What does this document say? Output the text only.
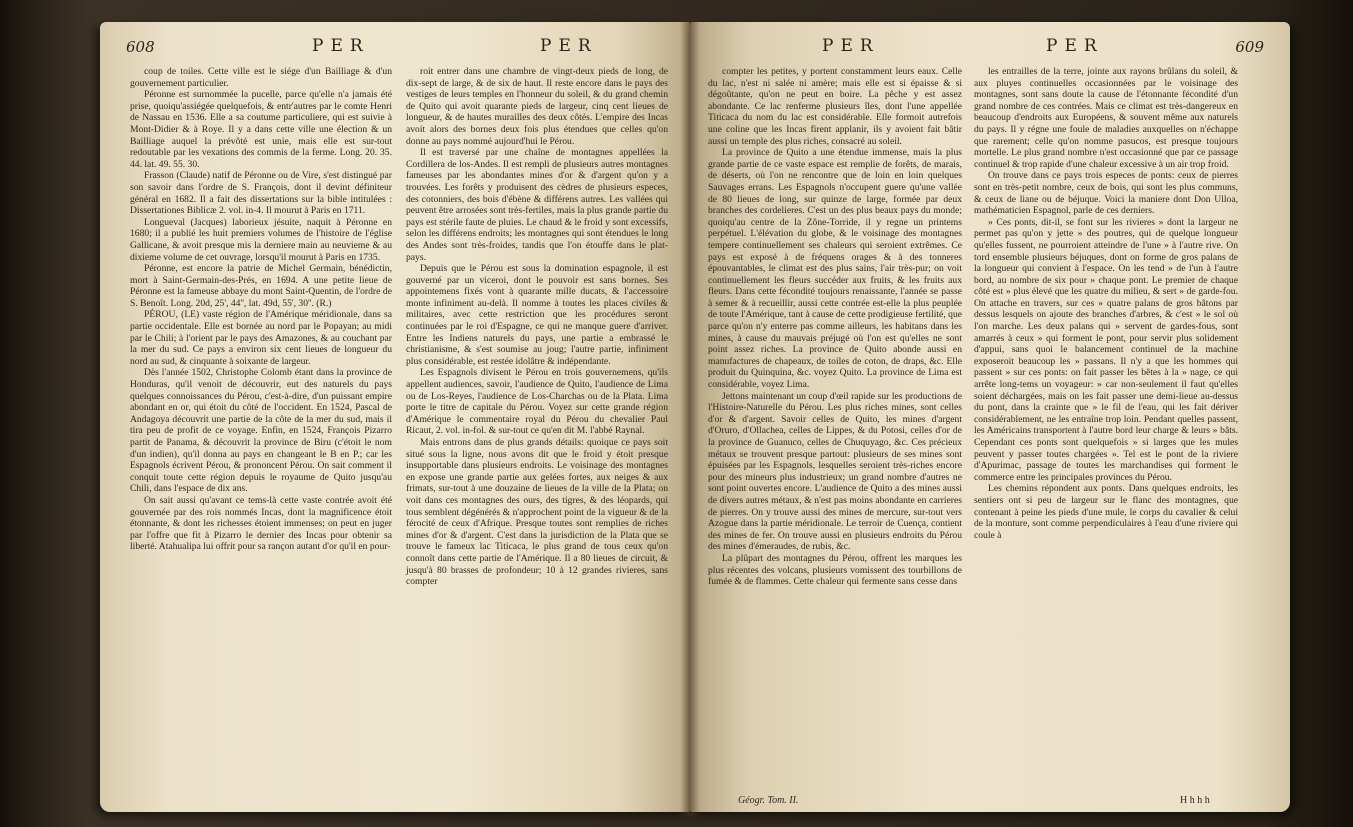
608	PER	PER

coup de toiles. Cette ville est le siége d'un Bailliage & d'un gouvernement particulier.

Péronne est surnommée la pucelle, parce qu'elle n'a jamais été prise, quoiqu'assiégée quelquefois, & entr'autres par le comte Henri de Nassau en 1536. Elle a sa coutume particuliere, qui est suivie à Mont-Didier & à Roye. Il y a dans cette ville une élection & un Bailliage auquel la prévôté est unie, mais elle est sur-tout redoutable par les vexations des commis de la ferme. Long. 20. 35. 44. lat. 49. 55. 30.

Frasson (Claude) natif de Péronne ou de Vire, s'est distingué par son savoir dans l'ordre de S. François, dont il devint définiteur général en 1682. Il a fait des dissertations sur la bible intitulées : Dissertationes Biblicæ 2. vol. in-4. Il mourut à Paris en 1711.

Longueval (Jacques) laborieux jésuite, naquit à Péronne en 1680; il a publié les huit premiers volumes de l'histoire de l'église Gallicane, & avoit presque mis la derniere main au neuvieme & au dixieme volume de cet ouvrage, lorsqu'il mourut à Paris en 1735.

Péronne, est encore la patrie de Michel Germain, bénédictin, mort à Saint-Germain-des-Prés, en 1694. A une petite lieue de Péronne est la fameuse abbaye du mont Saint-Quentin, de l'ordre de S. Benoît. Long. 20d, 25', 44'', lat. 49d, 55', 30''. (R.)

PÉROU, (LE) vaste région de l'Amérique méridionale, dans sa partie occidentale. Elle est bornée au nord par le Popayan; au midi par le Chili; à l'orient par le pays des Amazones, & au couchant par la mer du sud. Ce pays a environ six cent lieues de longueur du nord au sud, & cinquante à soixante de largeur.

Dès l'année 1502, Christophe Colomb étant dans la province de Honduras, qu'il venoit de découvrir, eut des naturels du pays quelques connoissances du Pérou, c'est-à-dire, d'un puissant empire abondant en or, qui étoit du côté de l'occident. En 1524, Pascal de Andagoya découvrit une partie de la côte de la mer du sud, mais il tira peu de profit de ce voyage. Enfin, en 1524, François Pizarro partit de Panama, & découvrit la province de Biru (c'étoit le nom d'un indien), qu'il donna au pays en changeant le B en P.; car les Espagnols écrivent Pérou, & prononcent Pérou. On sait comment il conquit toute cette région depuis le royaume de Quito jusqu'au Chili, dans l'espace de dix ans.

On sait aussi qu'avant ce tems-là cette vaste contrée avoit été gouvernée par des rois nommés Incas, dont la magnificence étoit étonnante, & dont les richesses étoient immenses; on peut en juger par l'offre que fit à Pizarro le dernier des Incas pour obtenir sa liberté. Atahualipa lui offrit pour sa rançon autant d'or qu'il en pour-

roit entrer dans une chambre de vingt-deux pieds de long, de dix-sept de large, & de six de haut. Il reste encore dans le pays des vestiges de leurs temples en l'honneur du soleil, & du grand chemin de Quito qui avoit quarante pieds de largeur, cinq cent lieues de longueur, & de hautes murailles des deux côtés. L'empire des Incas avoit alors des bornes deux fois plus étendues que celles qu'on donne au pays nommé aujourd'hui le Pérou.

Il est traversé par une chaîne de montagnes appellées la Cordillera de los-Andes. Il est rempli de plusieurs autres montagnes fameuses par les abondantes mines d'or & d'argent qu'on y a trouvées. Les forêts y produisent des cèdres de plusieurs especes, des cotonniers, des bois d'ébène & différens autres. Les vallées qui peuvent être arrosées sont très-fertiles, mais la plus grande partie du pays est stérile faute de pluies. Le chaud & le froid y sont excessifs, selon les différens endroits; les montagnes qui sont étendues le long des Andes sont très-froides, tandis que l'on étouffe dans le plat-pays.

Depuis que le Pérou est sous la domination espagnole, il est gouverné par un viceroi, dont le pouvoir est sans bornes. Ses appointemens fixés vont à quarante mille ducats, & l'accessoire monte infiniment au-delà. Il nomme à toutes les places civiles & militaires, avec cette restriction que les procédures seront continuées par le roi d'Espagne, ce qui ne manque guere d'arriver. Entre les Indiens naturels du pays, une partie a embrassé le christianisme, & s'est soumise au joug; l'autre partie, infiniment plus considérable, est restée idolâtre & indépendante.

Les Espagnols divisent le Pérou en trois gouvernemens, qu'ils appellent audiences, savoir, l'audience de Quito, l'audience de Lima ou de Los-Reyes, l'audience de Los-Charchas ou de la Plata. Lima porte le titre de capitale du Pérou. Voyez sur cette grande région d'Amérique le commentaire royal du Pérou du chevalier Paul Ricaut, 2. vol. in-fol. & sur-tout ce qu'en dit M. l'abbé Raynal.

Mais entrons dans de plus grands détails: quoique ce pays soit situé sous la ligne, nous avons dit que le froid y étoit presque insupportable dans plusieurs endroits. Le voisinage des montagnes en expose une grande partie aux gelées fortes, aux neiges & aux frimats, sur-tout à une douzaine de lieues de la ville de la Plata; on voit dans ces montagnes des ours, des tigres, & des léopards, qui tous semblent dégénérés & n'approchent point de la vigueur & de la férocité de ceux d'Afrique. Presque toutes sont remplies de riches mines d'or & d'argent. C'est dans la jurisdiction de la Plata que se trouve le fameux lac Titicaca, le plus grand de tous ceux qu'on connoît dans cette partie de l'Amérique. Il a 80 lieues de circuit, & jusqu'à 80 brasses de profondeur; 10 à 12 grandes rivieres, sans compter

PER	PER	609

compter les petites, y portent constamment leurs eaux. Celle du lac, n'est ni salée ni amère; mais elle est si épaisse & si dégoûtante, qu'on ne peut en boire. La pêche y est assez abondante. Ce lac renferme plusieurs îles, dont l'une appellée Titicaca du nom du lac est considérable. Elle formoit autrefois une coline que les Incas firent applanir, ils y avoient fait bâtir aussi un temple des plus riches, consacré au soleil.

La province de Quito a une étendue immense, mais la plus grande partie de ce vaste espace est remplie de forêts, de marais, de déserts, où l'on ne rencontre que de loin en loin quelques Sauvages errans. Les Espagnols n'occupent guere qu'une vallée de 80 lieues de long, sur quinze de large, formée par deux branches des cordelieres. C'est un des plus beaux pays du monde; quoiqu'au centre de la Zône-Torride, il y regne un printems perpétuel. L'élévation du globe, & le voisinage des montagnes tempere continuellement ses chaleurs qui seroient extrêmes. Ce pays est exposé à de fréquens orages & à des tonneres épouvantables, le climat est des plus sains, l'air très-pur; on voit continuellement les fleurs succéder aux fruits, & les fruits aux fleurs. Dans cette fécondité toujours renaissante, l'année se passe à semer & à recueillir, aussi cette contrée est-elle la plus peuplée de toute l'Amérique, tant à cause de cette prodigieuse fertilité, que parce qu'on n'y enterre pas comme ailleurs, les habitans dans les mines, à cause du mauvais préjugé où l'on est qu'elles ne sont point assez riches. La province de Quito abonde aussi en manufactures de chapeaux, de toiles de coton, de draps, &c. Elle produit du Quinquina, &c. voyez Quito. La province de Lima est considérable, voyez Lima.

Jettons maintenant un coup d'œil rapide sur les productions de l'Histoire-Naturelle du Pérou. Les plus riches mines, sont celles d'or & d'argent. Savoir celles de Quito, les mines d'argent d'Oruro, d'Ollachea, celles de Lippes, & du Potosi, celles d'or de la province de Guanuco, celles de Chuquyago, &c. Ces précieux métaux se trouvent presque partout: plusieurs de ses mines sont épuisées par les Espagnols, lesquelles seroient très-riches encore pour des mineurs plus industrieux; un grand nombre d'autres ne sont point ouvertes encore. L'audience de Quito a des mines aussi de divers autres métaux, & n'est pas moins abondante en carrieres de pierres. On y trouve aussi des mines de mercure, sur-tout vers Azogue dans la partie méridionale. Le terroir de Cuença, contient des mines de fer. On trouve aussi en plusieurs endroits du Pérou des mines d'émeraudes, de rubis, &c.

La plûpart des montagnes du Pérou, offrent les marques les plus récentes des volcans, plusieurs vomissent des tourbillons de fumée & de flammes. Cette chaleur qui fermente sans cesse dans

les entrailles de la terre, jointe aux rayons brûlans du soleil, & aux pluyes continuelles occasionnées par le voisinage des montagnes, sont sans doute la cause de l'étonnante fécondité d'un grand nombre de ces contrées. Mais ce climat est très-dangereux en beaucoup d'endroits aux Européens, & souvent même aux naturels du pays. Il y régne une foule de maladies auxquelles on n'échappe que rarement; celle qu'on nomme pasucos, est presque toujours mortelle. Le plus grand nombre n'est occasionné que par ce passage continuel & trop rapide d'une chaleur excessive à un air trop froid.

On trouve dans ce pays trois especes de ponts: ceux de pierres sont en très-petit nombre, ceux de bois, qui sont les plus communs, & ceux de liane ou de béjuque. Voici la maniere dont Don Ulloa, mathématicien Espagnol, parle de ces derniers.

» Ces ponts, dit-il, se font sur les rivieres » dont la largeur ne permet pas qu'on y jette » des poutres, qui de quelque longueur qu'elles fussent, ne pourroient atteindre de l'une » à l'autre rive. On tord ensemble plusieurs béjuques, dont on forme de gros palans de la longueur qui convient à l'espace. On les tend » de l'un à l'autre bord, au nombre de six pour » chaque pont. Le premier de chaque côté est » plus élevé que les quatre du milieu, & sert » de garde-fou. On attache en travers, sur ces » quatre palans de gros bâtons par dessus lesquels on ajoute des branches d'arbres, & c'est » le sol où l'on marche. Les deux palans qui » servent de gardes-fous, sont amarrés à ceux » qui forment le pont, pour servir plus solidement d'appui, sans quoi le balancement continuel de la machine exposeroit beaucoup les » passans. Il n'y a que les hommes qui passent » sur ces ponts: on fait passer les bêtes à la » nage, ce qui arrête long-tems un voyageur: » car non-seulement il faut qu'elles soient déchargées, mais on les fait passer une demi-lieue au-dessus du pont, dans la crainte que » le fil de l'eau, qui les fait dériver considérablement, ne les entraîne trop loin. Pendant quelles passent, les Américains transportent à l'autre bord leur charge & leurs » bâts. Cependant ces ponts sont quelquefois » si larges que les mules peuvent y passer toutes chargées ». Tel est le pont de la riviere d'Apurimac, passage de toutes les marchandises qui forment le commerce entre les principales provinces du Pérou.

Les chemins répondent aux ponts. Dans quelques endroits, les sentiers ont si peu de largeur sur le flanc des montagnes, que contenant à peine les pieds d'une mule, le corps du cavalier & celui de la monture, sont comme perpendiculaires à l'eau d'une riviere qui coule à

Géogr. Tom. II.	H h h h
